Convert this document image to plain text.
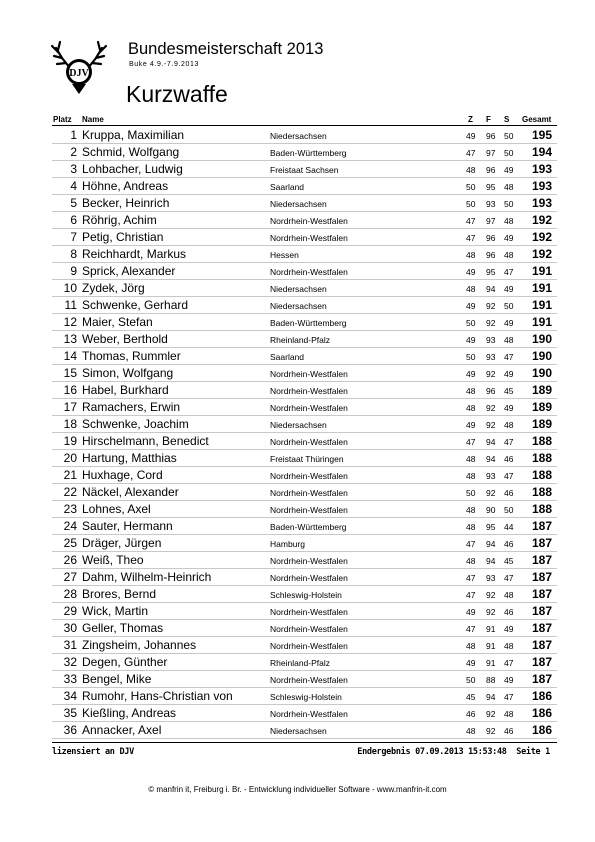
DJV
Bundesmeisterschaft 2013
Buke 4.9.-7.9.2013
Kurzwaffe
Platz Name	Z F S Gesamt
1 Kruppa, Maximilian	Niedersachsen	49 96 50	195
2 Schmid, Wolfgang	Baden-Württemberg	47 97 50	194
3 Lohbacher, Ludwig	Freistaat Sachsen	48 96 49	193
4 Höhne, Andreas	Saarland	50 95 48	193
5 Becker, Heinrich	Niedersachsen	50 93 50	193
6 Röhrig, Achim	Nordrhein-Westfalen	47 97 48	192
7 Petig, Christian	Nordrhein-Westfalen	47 96 49	192
8 Reichhardt, Markus	Hessen	48 96 48	192
9 Sprick, Alexander	Nordrhein-Westfalen	49 95 47	191
10 Zydek, Jörg	Niedersachsen	48 94 49	191
11 Schwenke, Gerhard	Niedersachsen	49 92 50	191
12 Maier, Stefan	Baden-Württemberg	50 92 49	191
13 Weber, Berthold	Rheinland-Pfalz	49 93 48	190
14 Thomas, Rummler	Saarland	50 93 47	190
15 Simon, Wolfgang	Nordrhein-Westfalen	49 92 49	190
16 Habel, Burkhard	Nordrhein-Westfalen	48 96 45	189
17 Ramachers, Erwin	Nordrhein-Westfalen	48 92 49	189
18 Schwenke, Joachim	Niedersachsen	49 92 48	189
19 Hirschelmann, Benedict	Nordrhein-Westfalen	47 94 47	188
20 Hartung, Matthias	Freistaat Thüringen	48 94 46	188
21 Huxhage, Cord	Nordrhein-Westfalen	48 93 47	188
22 Näckel, Alexander	Nordrhein-Westfalen	50 92 46	188
23 Lohnes, Axel	Nordrhein-Westfalen	48 90 50	188
24 Sauter, Hermann	Baden-Württemberg	48 95 44	187
25 Dräger, Jürgen	Hamburg	47 94 46	187
26 Weiß, Theo	Nordrhein-Westfalen	48 94 45	187
27 Dahm, Wilhelm-Heinrich	Nordrhein-Westfalen	47 93 47	187
28 Brores, Bernd	Schleswig-Holstein	47 92 48	187
29 Wick, Martin	Nordrhein-Westfalen	49 92 46	187
30 Geller, Thomas	Nordrhein-Westfalen	47 91 49	187
31 Zingsheim, Johannes	Nordrhein-Westfalen	48 91 48	187
32 Degen, Günther	Rheinland-Pfalz	49 91 47	187
33 Bengel, Mike	Nordrhein-Westfalen	50 88 49	187
34 Rumohr, Hans-Christian von	Schleswig-Holstein	45 94 47	186
35 Kießling, Andreas	Nordrhein-Westfalen	46 92 48	186
36 Annacker, Axel	Niedersachsen	48 92 46	186
lizensiert an DJV	Endergebnis 07.09.2013 15:53:48 Seite 1
© manfrin it, Freiburg i. Br. - Entwicklung individueller Software - www.manfrin-it.com
